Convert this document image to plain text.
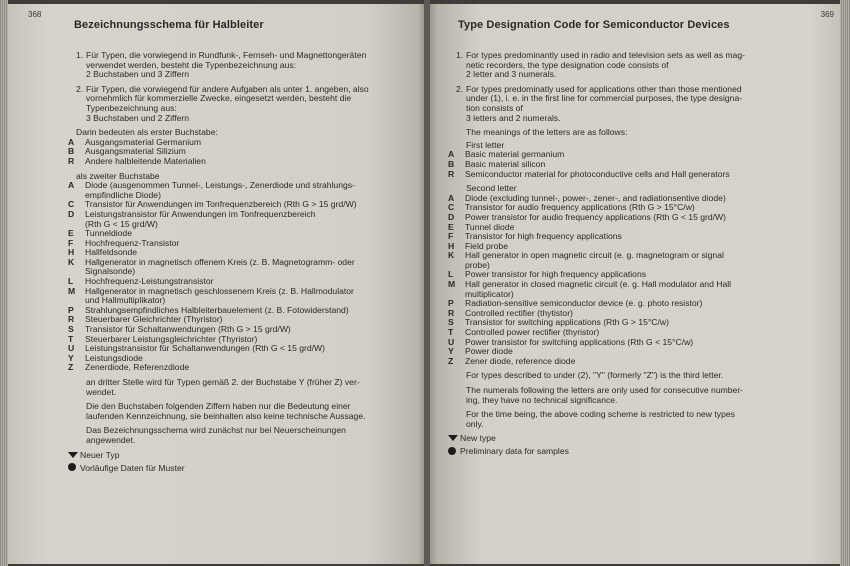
368
Bezeichnungsschema für Halbleiter
1. Für Typen, die vorwiegend in Rundfunk-, Fernseh- und Magnettongeräten
verwendet werden, besteht die Typenbezeichnung aus:
2 Buchstaben und 3 Ziffern
2. Für Typen, die vorwiegend für andere Aufgaben als unter 1. angeben, also
vornehmlich für kommerzielle Zwecke, eingesetzt werden, besteht die
Typenbezeichnung aus:
3 Buchstaben und 2 Ziffern
Darin bedeuten als erster Buchstabe:
A	Ausgangsmaterial Germanium
B	Ausgangsmaterial Silizium
R	Andere halbleitende Materialien
als zweiter Buchstabe
A	Diode (ausgenommen Tunnel-, Leistungs-, Zenerdiode und strahlungs-
empfindliche Diode)
C	Transistor für Anwendungen im Tonfrequenzbereich (Rth G > 15 grd/W)
D	Leistungstransistor für Anwendungen im Tonfrequenzbereich
(Rth G < 15 grd/W)
E	Tunneldiode
F	Hochfrequenz-Transistor
H	Hallfeldsonde
K	Hallgenerator in magnetisch offenem Kreis (z. B. Magnetogramm- oder
Signalsonde)
L	Hochfrequenz-Leistungstransistor
M	Hallgenerator in magnetisch geschlossenem Kreis (z. B. Hallmodulator
und Hallmultiplikator)
P	Strahlungsempfindliches Halbleiterbauelement (z. B. Fotowiderstand)
R	Steuerbarer Gleichrichter (Thyristor)
S	Transistor für Schaltanwendungen (Rth G > 15 grd/W)
T	Steuerbarer Leistungsgleichrichter (Thyristor)
U	Leistungstransistor für Schaltanwendungen (Rth G < 15 grd/W)
Y	Leistungsdiode
Z	Zenerdiode, Referenzdiode
an dritter Stelle wird für Typen gemäß 2. der Buchstabe Y (früher Z) ver-
wendet.
Die den Buchstaben folgenden Ziffern haben nur die Bedeutung einer
laufenden Kennzeichnung, sie beinhalten also keine technische Aussage.
Das Bezeichnungsschema wird zunächst nur bei Neuerscheinungen
angewendet.
Neuer Typ
Vorläufige Daten für Muster
369
Type Designation Code for Semiconductor Devices
1. For types predominantly used in radio and television sets as well as mag-
netic recorders, the type designation code consists of
2 letter and 3 numerals.
2. For types predominatly used for applications other than those mentioned
under (1), i. e. in the first line for commercial purposes, the type designa-
tion consists of
3 letters and 2 numerals.
The meanings of the letters are as follows:
First letter
A	Basic material germanium
B	Basic material silicon
R	Semiconductor material for photoconductive cells and Hall generators
Second letter
A	Diode (excluding tunnel-, power-, zener-, and radiationsentive diode)
C	Transistor for audio frequency applications (Rth G > 15°C/w)
D	Power transistor for audio frequency applications (Rth G < 15 grd/W)
E	Tunnel diode
F	Transistor for high frequency applications
H	Field probe
K	Hall generator in open magnetic circuit (e. g. magnetogram or signal
probe)
L	Power transistor for high frequency applications
M	Hall generator in closed magnetic circuit (e. g. Hall modulator and Hall
multiplicator)
P	Radiation-sensitive semiconductor device (e. g. photo resistor)
R	Controlled rectifier (thytistor)
S	Transistor for switching applications (Rth G > 15°C/w)
T	Controlled power rectifier (thyristor)
U	Power transistor for switching applications (Rth G < 15°C/w)
Y	Power diode
Z	Zener diode, reference diode
For types described to under (2), "Y" (formerly "Z") is the third letter.
The numerals following the letters are only used for consecutive number-
ing, they have no technical significance.
For the time being, the above coding scheme is restricted to new types
only.
New type
Preliminary data for samples
